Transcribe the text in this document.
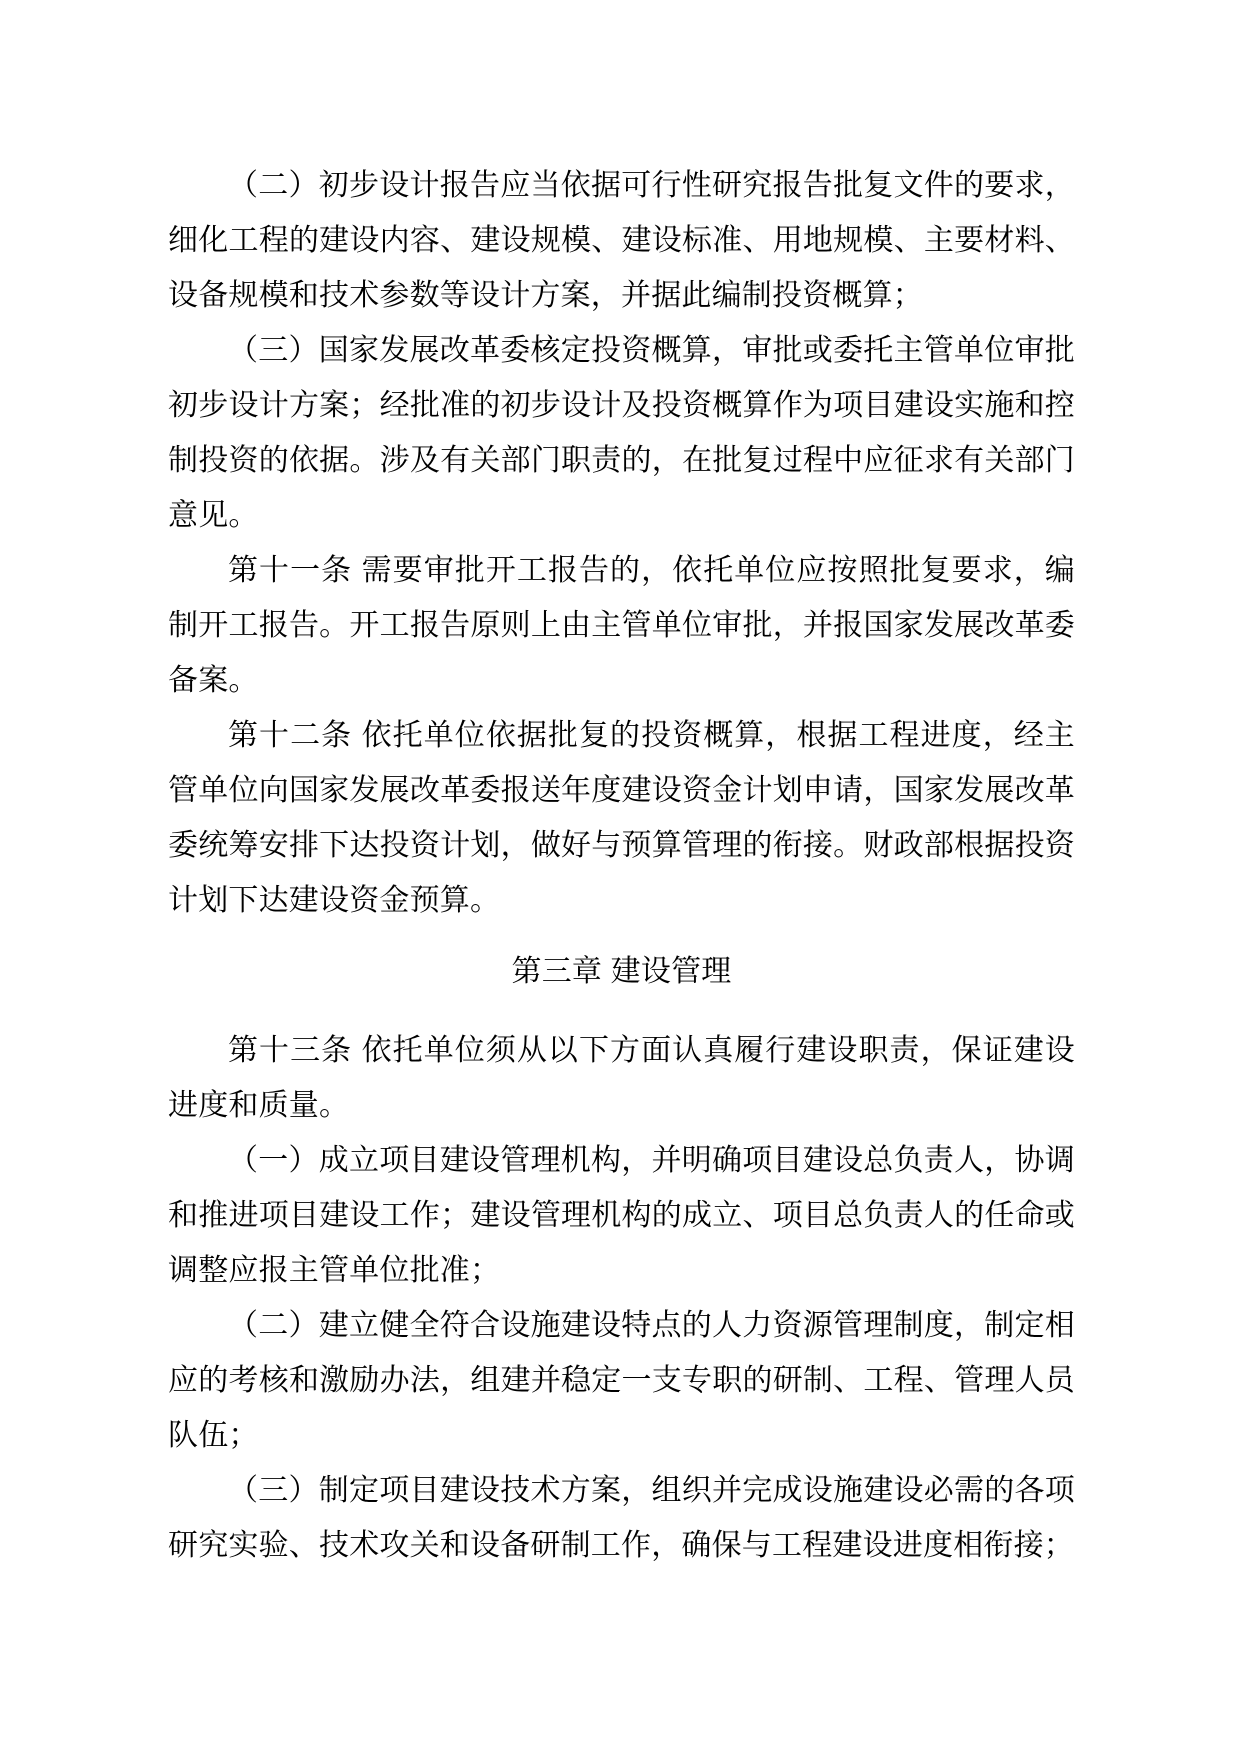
（二）初步设计报告应当依据可行性研究报告批复文件的要求，细化工程的建设内容、建设规模、建设标准、用地规模、主要材料、设备规模和技术参数等设计方案，并据此编制投资概算；

（三）国家发展改革委核定投资概算，审批或委托主管单位审批初步设计方案；经批准的初步设计及投资概算作为项目建设实施和控制投资的依据。涉及有关部门职责的，在批复过程中应征求有关部门意见。

第十一条 需要审批开工报告的，依托单位应按照批复要求，编制开工报告。开工报告原则上由主管单位审批，并报国家发展改革委备案。

第十二条 依托单位依据批复的投资概算，根据工程进度，经主管单位向国家发展改革委报送年度建设资金计划申请，国家发展改革委统筹安排下达投资计划，做好与预算管理的衔接。财政部根据投资计划下达建设资金预算。

第三章 建设管理

第十三条 依托单位须从以下方面认真履行建设职责，保证建设进度和质量。

（一）成立项目建设管理机构，并明确项目建设总负责人，协调和推进项目建设工作；建设管理机构的成立、项目总负责人的任命或调整应报主管单位批准；

（二）建立健全符合设施建设特点的人力资源管理制度，制定相应的考核和激励办法，组建并稳定一支专职的研制、工程、管理人员队伍；

（三）制定项目建设技术方案，组织并完成设施建设必需的各项研究实验、技术攻关和设备研制工作，确保与工程建设进度相衔接；
